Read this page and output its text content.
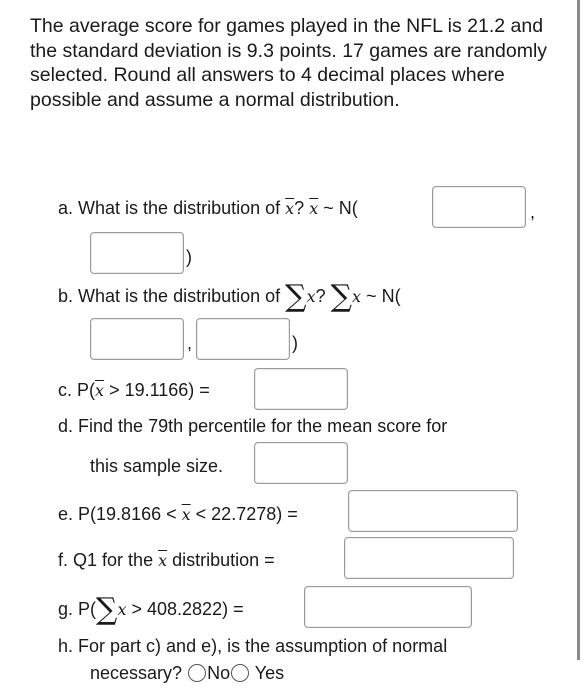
The average score for games played in the NFL is 21.2 and the standard deviation is 9.3 points. 17 games are randomly selected. Round all answers to 4 decimal places where possible and assume a normal distribution.
a. What is the distribution of $\overline{x}$? $\overline{x}$ ~ N(	,
)
b. What is the distribution of ∑x? ∑x ~ N(
,	)
c. $P(\overline{x} > 19.1166)$ =
d. Find the 79th percentile for the mean score for
this sample size.
e. $P(19.8166 < \overline{x} < 22.7278)$ =
f. Q1 for the $\overline{x}$ distribution =
g. P(∑x > 408.2822) =
h. For part c) and e), is the assumption of normal
necessary? No Yes
